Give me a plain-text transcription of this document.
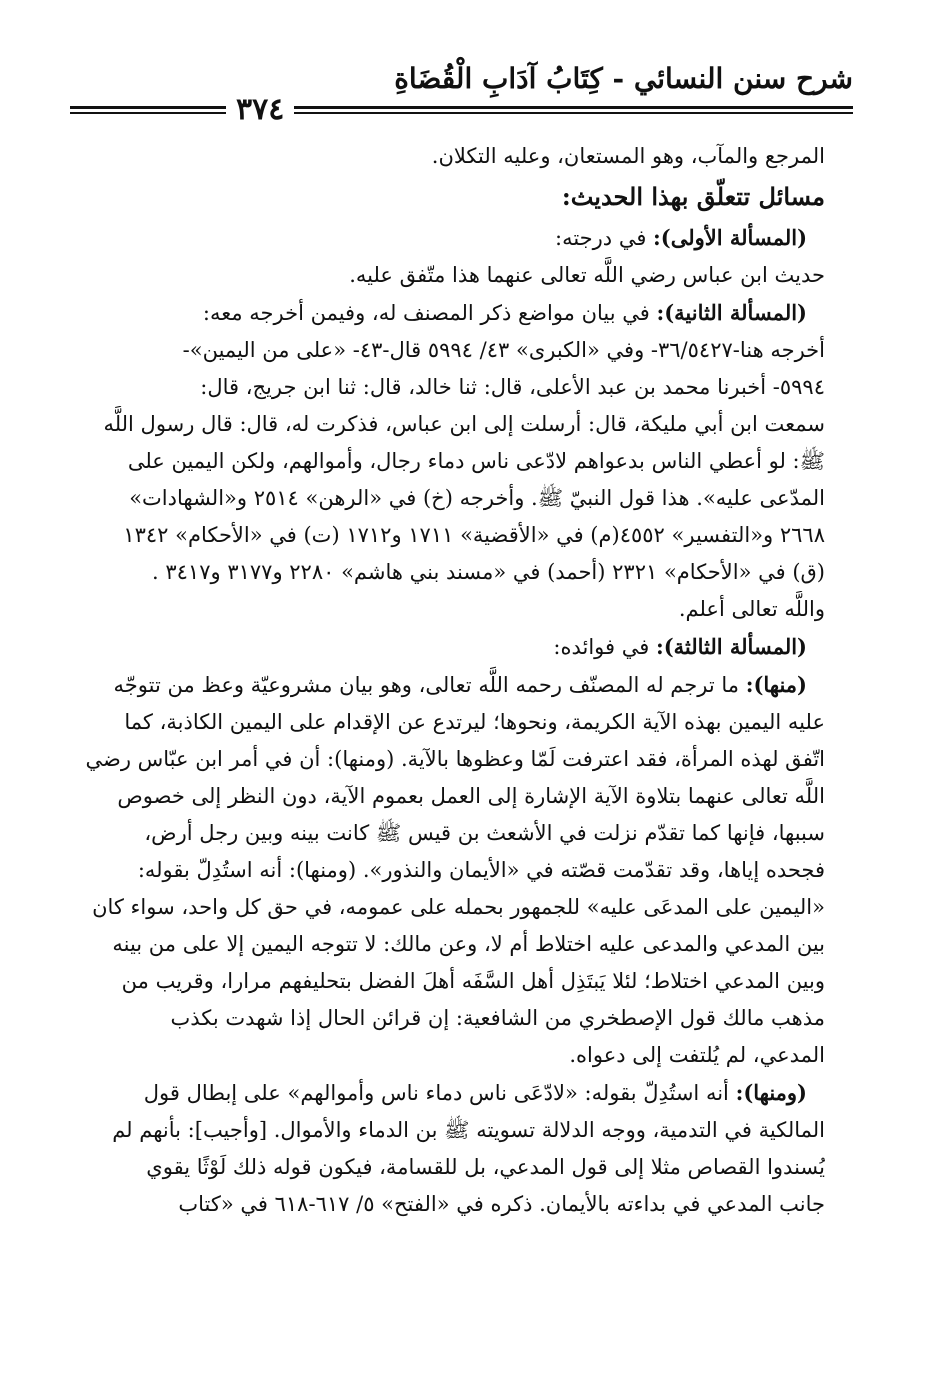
شرح سنن النسائي - كِتَابُ آدَابِ الْقُضَاةِ
٣٧٤
المرجع والمآب، وهو المستعان، وعليه التكلان.
مسائل تتعلّق بهذا الحديث:
(المسألة الأولى): في درجته:
حديث ابن عباس رضي اللَّه تعالى عنهما هذا متّفق عليه.
(المسألة الثانية): في بيان مواضع ذكر المصنف له، وفيمن أخرجه معه:
أخرجه هنا-٣٦/٥٤٢٧- وفي «الكبرى» ٤٣/ ٥٩٩٤ قال-٤٣- «على من اليمين»-
٥٩٩٤- أخبرنا محمد بن عبد الأعلى، قال: ثنا خالد، قال: ثنا ابن جريج، قال:
سمعت ابن أبي مليكة، قال: أرسلت إلى ابن عباس، فذكرت له، قال: قال رسول اللَّه
ﷺ: لو أعطي الناس بدعواهم لادّعى ناس دماء رجال، وأموالهم، ولكن اليمين على
المدّعى عليه». هذا قول النبيّ ﷺ. وأخرجه (خ) في «الرهن» ٢٥١٤ و«الشهادات»
٢٦٦٨ و«التفسير» ٤٥٥٢(م) في «الأقضية» ١٧١١ و١٧١٢ (ت) في «الأحكام» ١٣٤٢
(ق) في «الأحكام» ٢٣٢١ (أحمد) في «مسند بني هاشم» ٢٢٨٠ و٣١٧٧ و٣٤١٧ .
واللَّه تعالى أعلم.
(المسألة الثالثة): في فوائده:
(منها): ما ترجم له المصنّف رحمه اللَّه تعالى، وهو بيان مشروعيّة وعظ من تتوجّه
عليه اليمين بهذه الآية الكريمة، ونحوها؛ ليرتدع عن الإقدام على اليمين الكاذبة، كما
اتّفق لهذه المرأة، فقد اعترفت لَمّا وعظوها بالآية. (ومنها): أن في أمر ابن عبّاس رضي
اللَّه تعالى عنهما بتلاوة الآية الإشارة إلى العمل بعموم الآية، دون النظر إلى خصوص
سببها، فإنها كما تقدّم نزلت في الأشعث بن قيس ﷺ كانت بينه وبين رجل أرض،
فجحده إياها، وقد تقدّمت قصّته في «الأيمان والنذور». (ومنها): أنه استُدِلّ بقوله:
«اليمين على المدعَى عليه» للجمهور بحمله على عمومه، في حق كل واحد، سواء كان
بين المدعي والمدعى عليه اختلاط أم لا، وعن مالك: لا تتوجه اليمين إلا على من بينه
وبين المدعي اختلاط؛ لئلا يَبتَذِل أهل السَّفَه أهلَ الفضل بتحليفهم مرارا، وقريب من
مذهب مالك قول الإصطخري من الشافعية: إن قرائن الحال إذا شهدت بكذب
المدعي، لم يُلتفت إلى دعواه.
(ومنها): أنه استُدِلّ بقوله: «لادّعَى ناس دماء ناس وأموالهم» على إبطال قول
المالكية في التدمية، ووجه الدلالة تسويته ﷺ بن الدماء والأموال. [وأجيب]: بأنهم لم
يُسندوا القصاص مثلا إلى قول المدعي، بل للقسامة، فيكون قوله ذلك لَوْثًا يقوي
جانب المدعي في بداءته بالأيمان. ذكره في «الفتح» ٥/ ٦١٧-٦١٨ في «كتاب
